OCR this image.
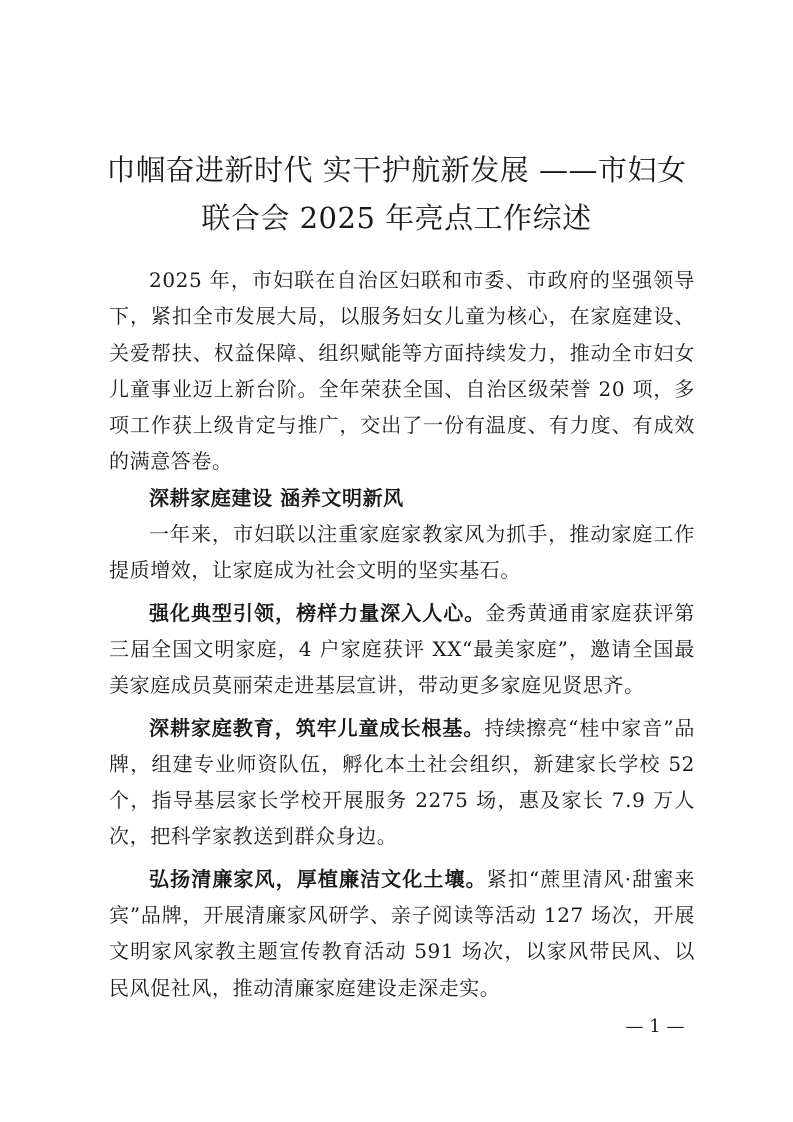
巾帼奋进新时代 实干护航新发展 ——市妇女
联合会 2025 年亮点工作综述

2025 年，市妇联在自治区妇联和市委、市政府的坚强领导下，紧扣全市发展大局，以服务妇女儿童为核心，在家庭建设、关爱帮扶、权益保障、组织赋能等方面持续发力，推动全市妇女儿童事业迈上新台阶。全年荣获全国、自治区级荣誉 20 项，多项工作获上级肯定与推广，交出了一份有温度、有力度、有成效的满意答卷。

深耕家庭建设 涵养文明新风

一年来，市妇联以注重家庭家教家风为抓手，推动家庭工作提质增效，让家庭成为社会文明的坚实基石。

强化典型引领，榜样力量深入人心。金秀黄通甫家庭获评第三届全国文明家庭，4 户家庭获评 XX“最美家庭”，邀请全国最美家庭成员莫丽荣走进基层宣讲，带动更多家庭见贤思齐。

深耕家庭教育，筑牢儿童成长根基。持续擦亮“桂中家音”品牌，组建专业师资队伍，孵化本土社会组织，新建家长学校 52 个，指导基层家长学校开展服务 2275 场，惠及家长 7.9 万人次，把科学家教送到群众身边。

弘扬清廉家风，厚植廉洁文化土壤。紧扣“蔗里清风·甜蜜来宾”品牌，开展清廉家风研学、亲子阅读等活动 127 场次，开展文明家风家教主题宣传教育活动 591 场次，以家风带民风、以民风促社风，推动清廉家庭建设走深走实。

— 1 —
